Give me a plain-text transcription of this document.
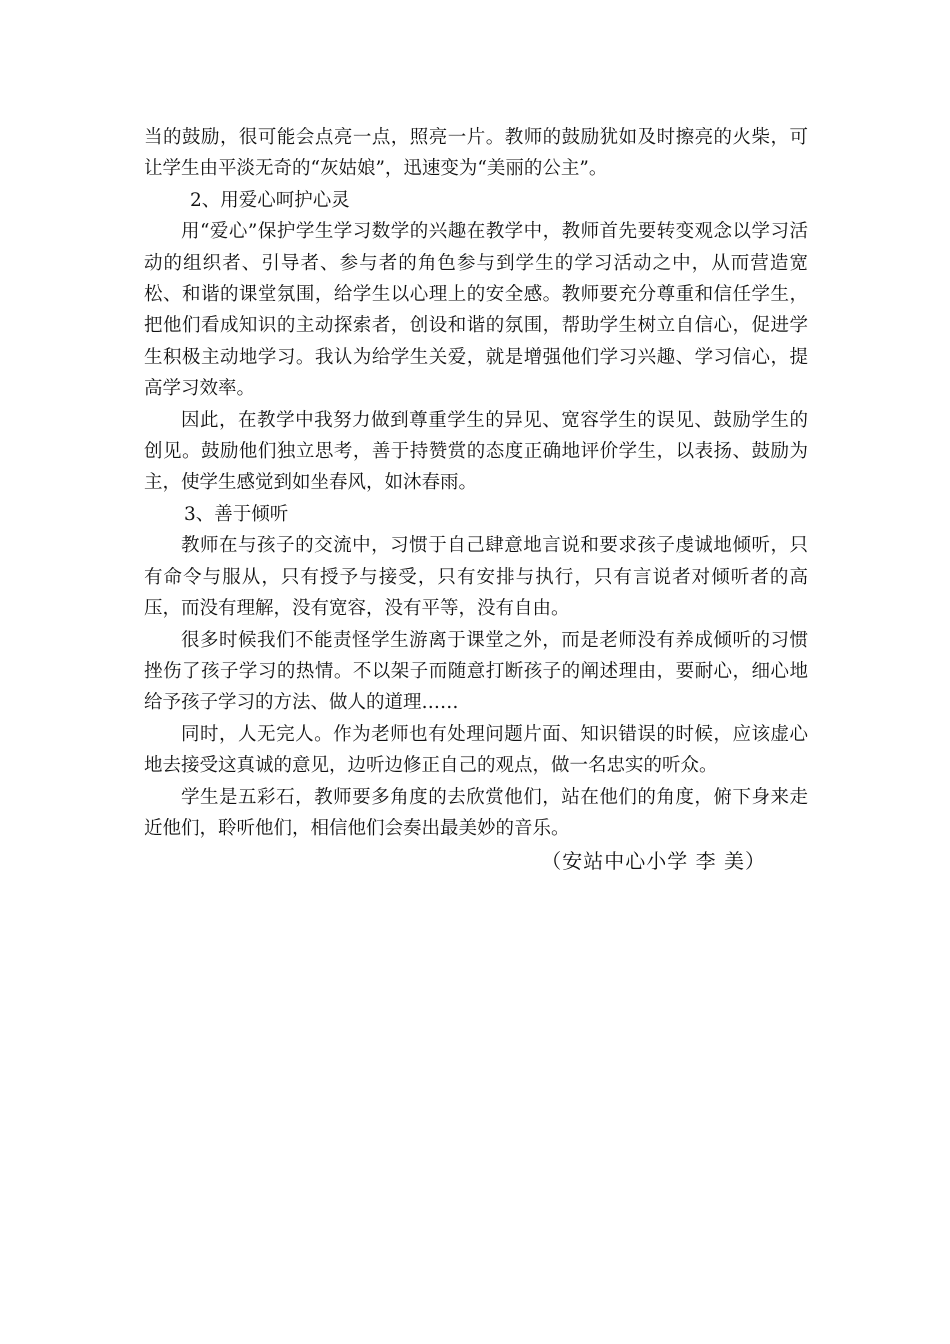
当的鼓励，很可能会点亮一点，照亮一片。教师的鼓励犹如及时擦亮的火柴，可让学生由平淡无奇的“灰姑娘”，迅速变为“美丽的公主”。

2、用爱心呵护心灵

用“爱心”保护学生学习数学的兴趣在教学中，教师首先要转变观念以学习活动的组织者、引导者、参与者的角色参与到学生的学习活动之中，从而营造宽松、和谐的课堂氛围，给学生以心理上的安全感。教师要充分尊重和信任学生，把他们看成知识的主动探索者，创设和谐的氛围，帮助学生树立自信心，促进学生积极主动地学习。我认为给学生关爱，就是增强他们学习兴趣、学习信心，提高学习效率。

因此，在教学中我努力做到尊重学生的异见、宽容学生的误见、鼓励学生的创见。鼓励他们独立思考，善于持赞赏的态度正确地评价学生，以表扬、鼓励为主，使学生感觉到如坐春风，如沐春雨。

3、善于倾听

教师在与孩子的交流中，习惯于自己肆意地言说和要求孩子虔诚地倾听，只有命令与服从，只有授予与接受，只有安排与执行，只有言说者对倾听者的高压，而没有理解，没有宽容，没有平等，没有自由。

很多时候我们不能责怪学生游离于课堂之外，而是老师没有养成倾听的习惯挫伤了孩子学习的热情。不以架子而随意打断孩子的阐述理由，要耐心，细心地给予孩子学习的方法、做人的道理……

同时，人无完人。作为老师也有处理问题片面、知识错误的时候，应该虚心地去接受这真诚的意见，边听边修正自己的观点，做一名忠实的听众。

学生是五彩石，教师要多角度的去欣赏他们，站在他们的角度，俯下身来走近他们，聆听他们，相信他们会奏出最美妙的音乐。

（安站中心小学 李 美）
